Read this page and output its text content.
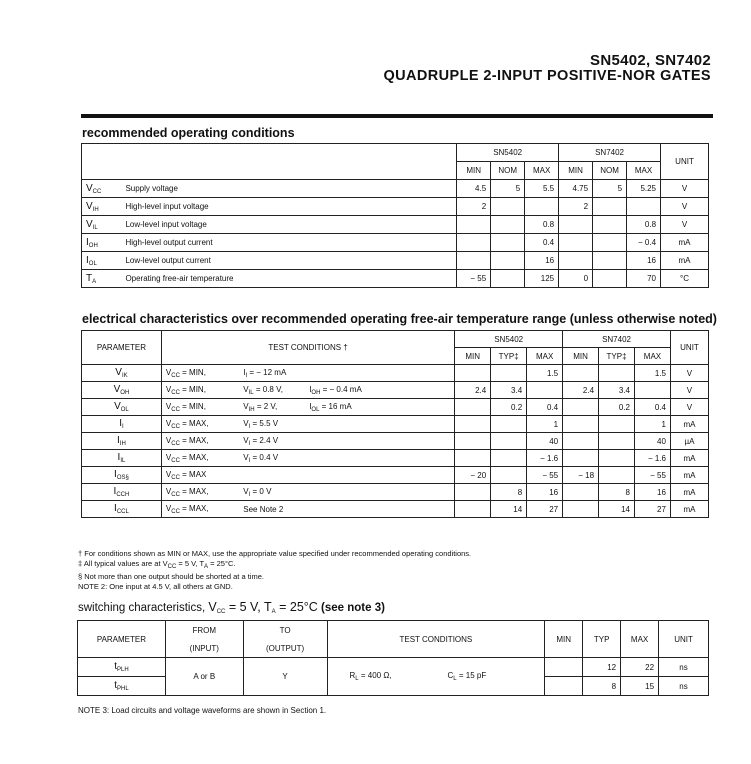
SN5402, SN7402
QUADRUPLE 2-INPUT POSITIVE-NOR GATES
recommended operating conditions
		SN5402			SN7402			UNIT
		MIN	NOM	MAX	MIN	NOM	MAX	
$V_{CC}$	Supply voltage	4.5	5	5.5	4.75	5	5.25	V
$V_{IH}$	High-level input voltage	2			2			V
$V_{IL}$	Low-level input voltage			0.8			0.8	V
$I_{OH}$	High-level output current			0.4			− 0.4	mA
$I_{OL}$	Low-level output current			16			16	mA
$T_A$	Operating free-air temperature	− 55		125	0		70	°C
electrical characteristics over recommended operating free-air temperature range (unless otherwise noted)
PARAMETER	TEST CONDITIONS †			SN5402			SN7402			UNIT
				MIN	TYP‡	MAX	MIN	TYP‡	MAX	
$V_{IK}$	$V_{CC}$ = MIN,	$I_I$ = − 12 mA				1.5			1.5	V
$V_{OH}$	$V_{CC}$ = MIN,	$V_{IL} = 0.8$ V,	$I_{OH}$ = − 0.4 mA	2.4	3.4		2.4	3.4		V
$V_{OL}$	$V_{CC}$ = MIN,	$V_{IH} = 2$ V,	$I_{OL} = 16$ mA		0.2	0.4		0.2	0.4	V
$I_I$	$V_{CC}$ = MAX,	$V_I = 5.5$ V				1			1	mA
$I_{IH}$	$V_{CC}$ = MAX,	$V_I = 2.4$ V				40			40	µA
$I_{IL}$	$V_{CC}$ = MAX,	$V_I = 0.4$ V				− 1.6			− 1.6	mA
$I_{OS\S}$	$V_{CC}$ = MAX			− 20		− 55	− 18		− 55	mA
$I_{CCH}$	$V_{CC}$ = MAX,	$V_I = 0$ V			8	16		8	16	mA
$I_{CCL}$	$V_{CC}$ = MAX,	See Note 2			14	27		14	27	mA
† For conditions shown as MIN or MAX, use the appropriate value specified under recommended operating conditions.
‡ All typical values are at $V_{CC} = 5$ V, $T_A = 25^\circ C$.
§ Not more than one output should be shorted at a time.
NOTE 2: One input at 4.5 V, all others at GND.
switching characteristics, $V_{CC} = 5$ V, $T_A = 25^\circ C$ (see note 3)
PARAMETER	FROM	TO	TEST CONDITIONS	MIN	TYP	MAX	UNIT
	(INPUT)	(OUTPUT)					
$t_{PLH}$	A or B	Y	$R_L = 400$ Ω, $C_L = 15$ pF		12	22	ns
$t_{PHL}$					8	15	ns
NOTE 3: Load circuits and voltage waveforms are shown in Section 1.
